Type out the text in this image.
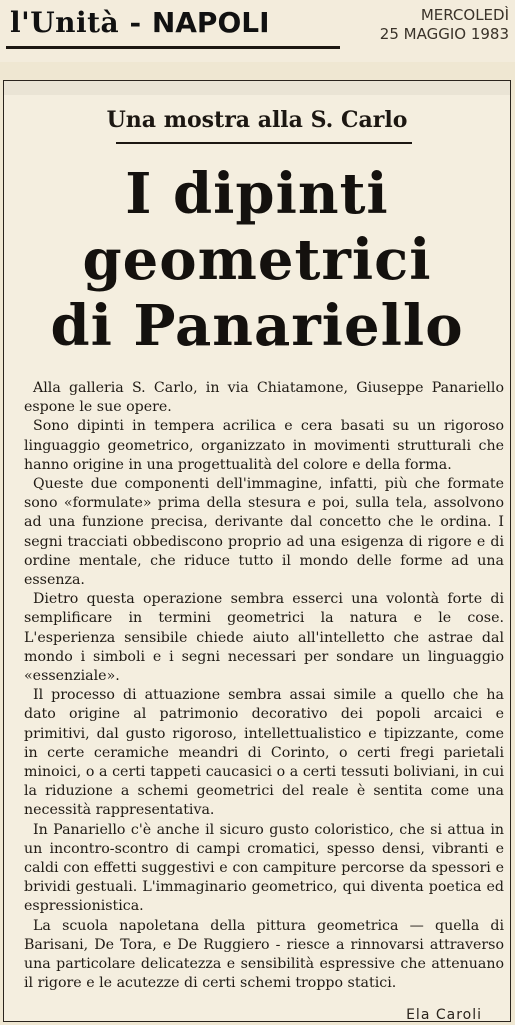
l'Unità - NAPOLI	MERCOLEDÌ
25 MAGGIO 1983
Una mostra alla S. Carlo
I dipinti
geometrici
di Panariello

Alla galleria S. Carlo, in via Chiatamone, Giuseppe Panariello espone le sue opere.

Sono dipinti in tempera acrilica e cera basati su un rigoroso linguaggio geometrico, organizzato in movimenti strutturali che hanno origine in una progettualità del colore e della forma.

Queste due componenti dell'immagine, infatti, più che formate sono «formulate» prima della stesura e poi, sulla tela, assolvono ad una funzione precisa, derivante dal concetto che le ordina. I segni tracciati obbediscono proprio ad una esigenza di rigore e di ordine mentale, che riduce tutto il mondo delle forme ad una essenza.

Dietro questa operazione sembra esserci una volontà forte di semplificare in termini geometrici la natura e le cose. L'esperienza sensibile chiede aiuto all'intelletto che astrae dal mondo i simboli e i segni necessari per sondare un linguaggio «essenziale».

Il processo di attuazione sembra assai simile a quello che ha dato origine al patrimonio decorativo dei popoli arcaici e primitivi, dal gusto rigoroso, intellettualistico e tipizzante, come in certe ceramiche meandri di Corinto, o certi fregi parietali minoici, o a certi tappeti caucasici o a certi tessuti boliviani, in cui la riduzione a schemi geometrici del reale è sentita come una necessità rappresentativa.

In Panariello c'è anche il sicuro gusto coloristico, che si attua in un incontro-scontro di campi cromatici, spesso densi, vibranti e caldi con effetti suggestivi e con campiture percorse da spessori e brividi gestuali. L'immaginario geometrico, qui diventa poetica ed espressionistica.

La scuola napoletana della pittura geometrica — quella di Barisani, De Tora, e De Ruggiero - riesce a rinnovarsi attraverso una particolare delicatezza e sensibilità espressive che attenuano il rigore e le acutezze di certi schemi troppo statici.

Ela Caroli
